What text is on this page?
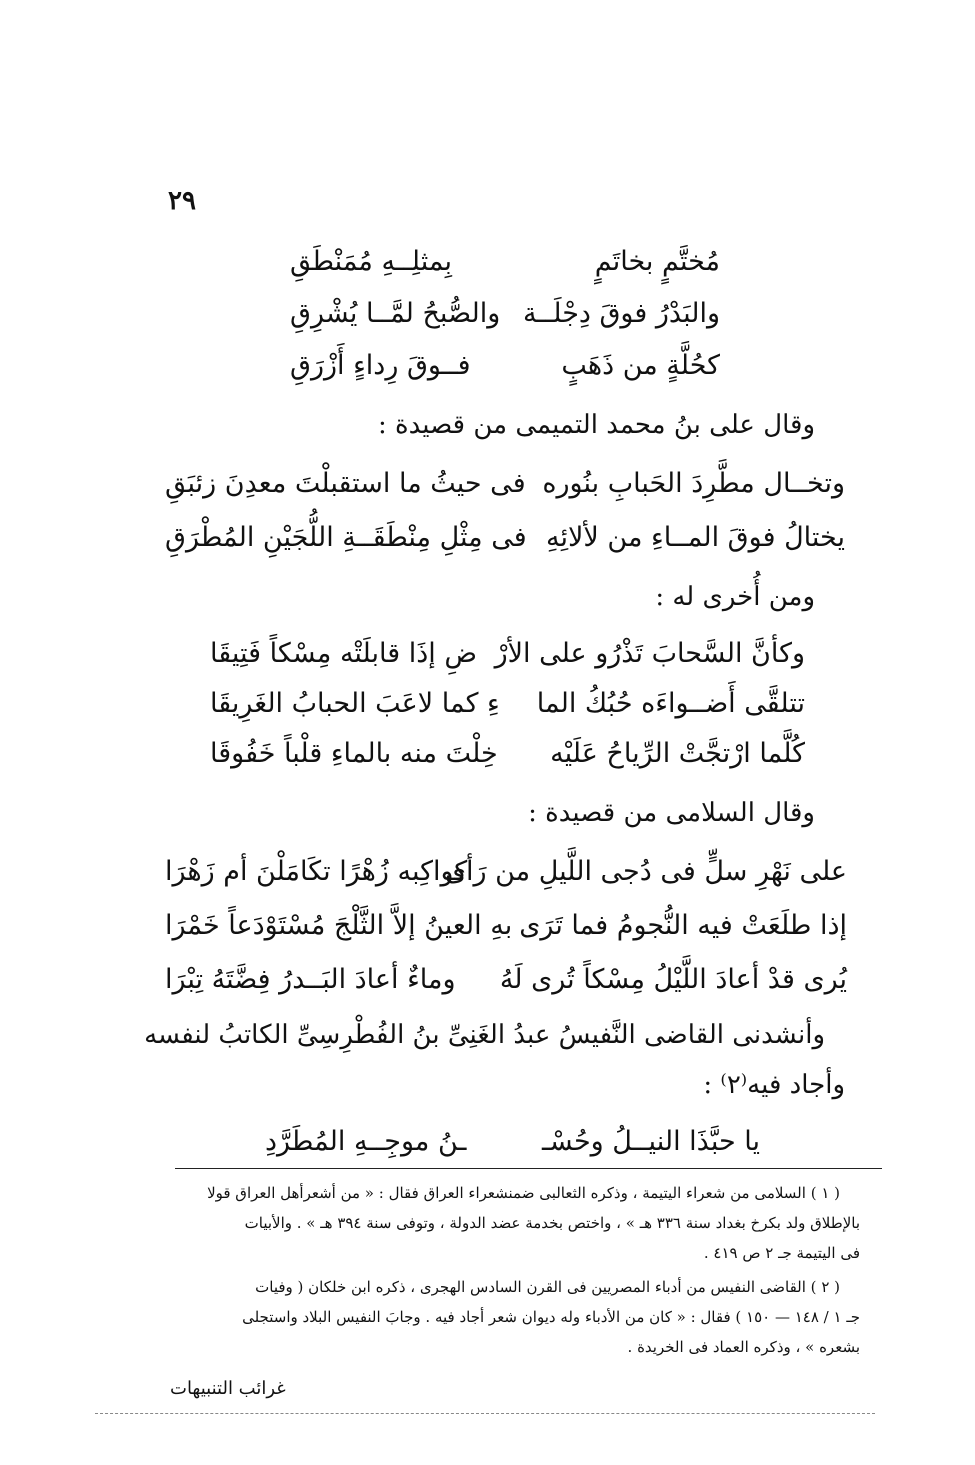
٢٩
مُختَّمٍ بخاتَمٍ
بِمثلِــهِ مُمَنْطَقِ
والبَدْرُ فوقَ دِجْلَــة
والصُّبحُ لمَّــا يُشْرِقِ
كحُلَّةٍ من ذَهَبٍ
فــوقَ رِداءٍ أَزْرَقِ
وقال على بنُ محمد التميمى من قصيدة :
وتخــال مطَّرِدَ الحَبابِ بنُوره
فى حيثُ ما استقبلْتَ معدِنَ زئبَقِ
يختالُ فوقَ المــاءِ من لألائِهِ
فى مِثْلِ مِنْطَقَــةِ اللُّجَيْنِ المُطْرَقِ
ومن أُخرى له :
وكأنَّ السَّحابَ تَذْرُو على الأرْ
ضِ إذَا قابلَتْه مِسْكاً فَتِيقَا
تتلقَّى أَضــواءَه حُبُكُ الما
ءِ كما لاعَبَ الحبابُ الغَرِيقَا
كُلَّما ارْتجَّتْ الرِّياحُ عَلَيْه
خِلْتَ منه بالماءِ قلْباً خَفُوقَا
وقال السلامى من قصيدة :
على نَهْرِ سلٍّ فى دُجى اللَّيلِ من رَأى
كواكِبه زُهْرًا تكَامَلْنَ أم زَهْرَا
إذا طلَعَتْ فيه النُّجومُ فما تَرَى
بهِ العينُ إلاَّ الثَّلْجَ مُسْتَوْدَعاً خَمْرَا
يُرى قدْ أعادَ اللَّيْلُ مِسْكاً تُرى لَهُ
وماءٌ أعادَ البَــدرُ فِضَّتَهُ تِبْرَا
وأنشدنى القاضى النَّفيسُ عبدُ الغَنِىِّ بنُ الفُطْرِسِىِّ الكاتبُ لنفسه
وأجاد فيه⁽٢⁾ :
يا حبَّذَا النيــلُ وحُسْـ
ـنُ موجِــهِ المُطَرَّدِ
( ١ ) السلامى من شعراء اليتيمة ، وذكره الثعالبى ضمنشعراء العراق فقال : « من أشعرأهل العراق قولا
بالإطلاق ولد بكرخ بغداد سنة ٣٣٦ هـ » ، واختص بخدمة عضد الدولة ، وتوفى سنة ٣٩٤ هـ » . والأبيات
فى اليتيمة جـ ٢ ص ٤١٩ .
( ٢ ) القاضى النفيس من أدباء المصريين فى القرن السادس الهجرى ، ذكره ابن خلكان ( وفيات
جـ ١ / ١٤٨ — ١٥٠ ) فقال : « كان من الأدباء وله ديوان شعر أجاد فيه . وجابَ النفيس البلاد واستجلى
بشعره » ، وذكره العماد فى الخريدة .
غرائب التنبيهات
